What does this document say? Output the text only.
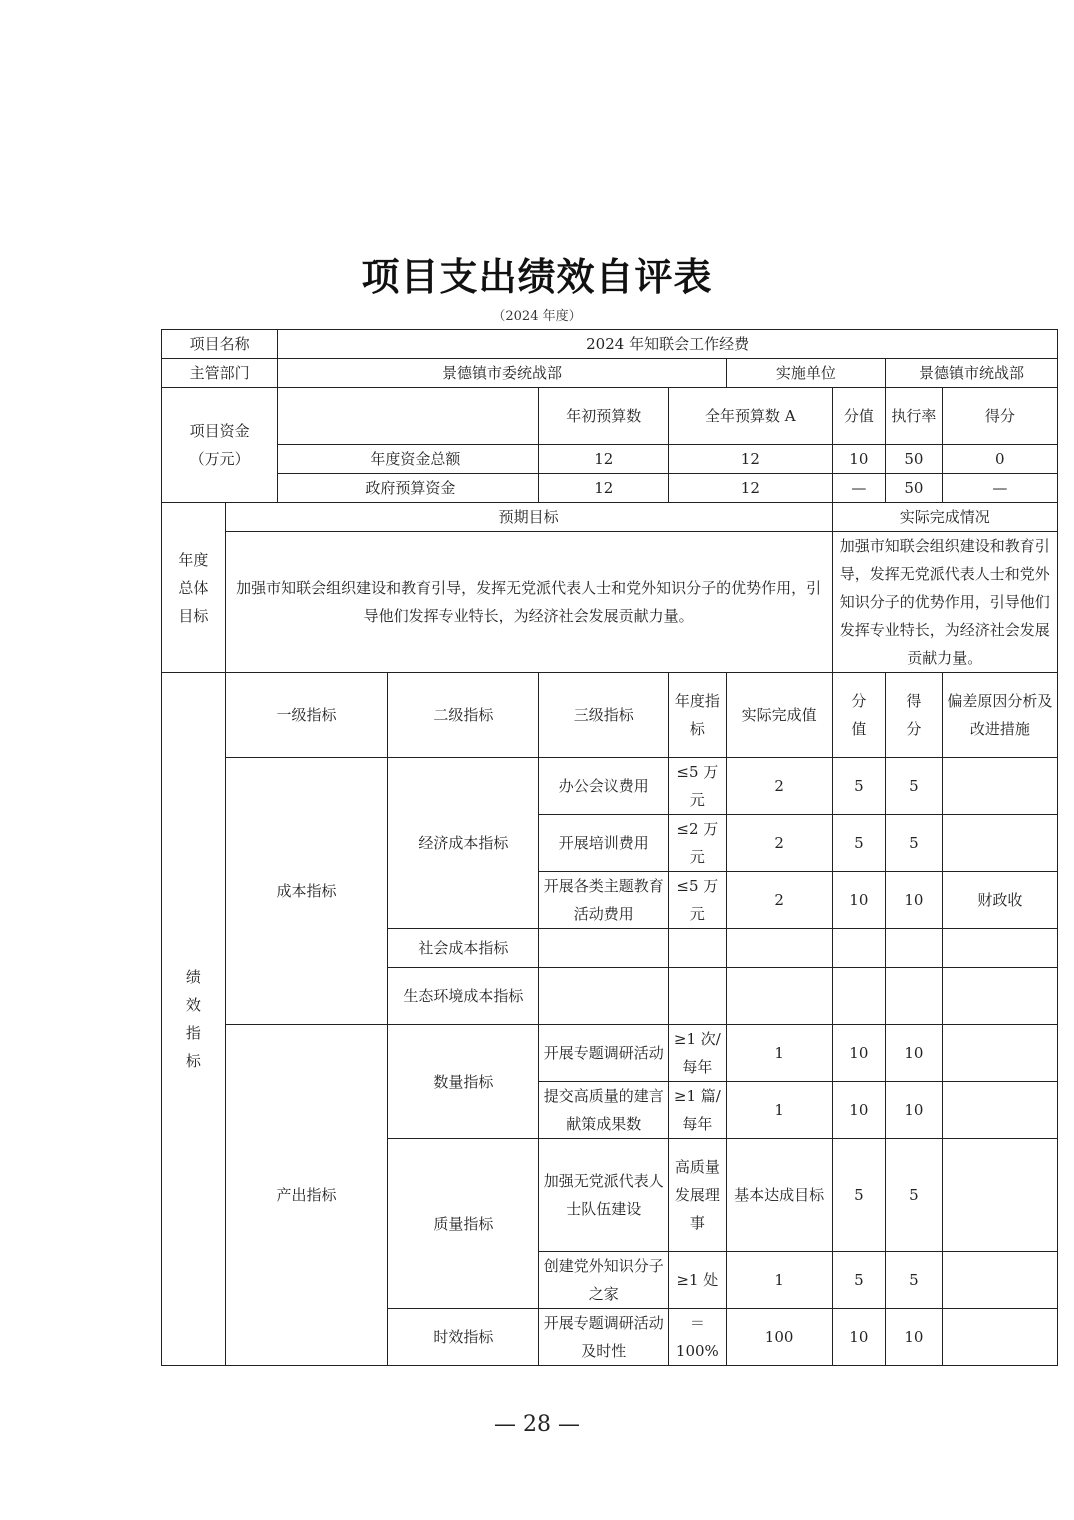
项目支出绩效自评表
（2024 年度）
项目名称		2024 年知联会工作经费							
主管部门		景德镇市委统战部				实施单位		景德镇市统战部	

项目资金
（万元）				年初预算数	全年预算数 A		分值	执行率	得分
		年度资金总额		12	12		10	50	0
		政府预算资金		12	12		—	50	—
年度总体目标	预期目标						实际完成情况		
	加强市知联会组织建设和教育引导，发挥无党派代表人士和党外知识分子的优势作用，引导他们发挥专业特长，为经济社会发展贡献力量。						加强市知联会组织建设和教育引导，发挥无党派代表人士和党外知识分子的优势作用，引导他们发挥专业特长，为经济社会发展贡献力量。		
绩效指标	一级指标		二级指标	三级指标	年度指标	实际完成值	分值	得分	偏差原因分析及改进措施
	成本指标		经济成本指标	办公会议费用	≤5 万元	2	5	5	
				开展培训费用	≤2 万元	2	5	5	
				开展各类主题教育活动费用	≤5 万元	2	10	10	财政收
			社会成本指标						
			生态环境成本指标						
	产出指标		数量指标	开展专题调研活动	≥1 次/每年	1	10	10	
				提交高质量的建言献策成果数	≥1 篇/每年	1	10	10	
			质量指标	加强无党派代表人士队伍建设	高质量发展理事	基本达成目标	5	5	
				创建党外知识分子之家	≥1 处	1	5	5	
			时效指标	开展专题调研活动及时性	＝100%	100	10	10	
— 28 —
